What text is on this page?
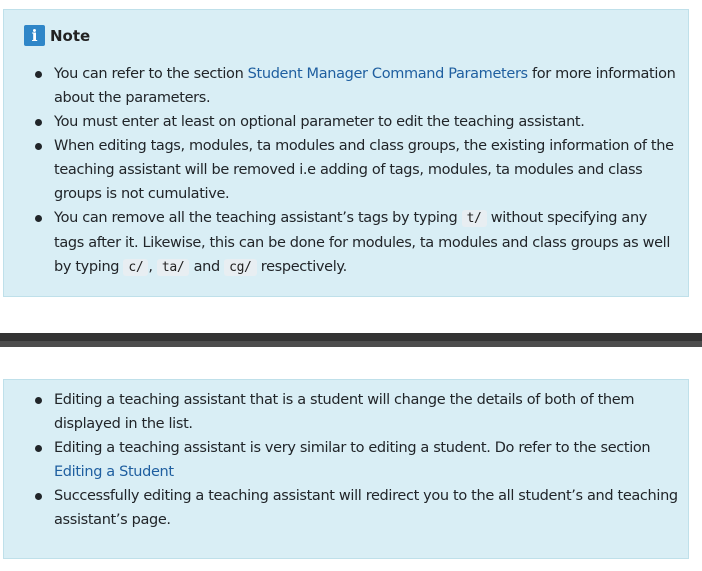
i Note
You can refer to the section Student Manager Command Parameters for more information about the parameters.
You must enter at least on optional parameter to edit the teaching assistant.
When editing tags, modules, ta modules and class groups, the existing information of the teaching assistant will be removed i.e adding of tags, modules, ta modules and class groups is not cumulative.
You can remove all the teaching assistant’s tags by typing t/ without specifying any tags after it. Likewise, this can be done for modules, ta modules and class groups as well by typing c/ , ta/ and cg/ respectively.
Editing a teaching assistant that is a student will change the details of both of them displayed in the list.
Editing a teaching assistant is very similar to editing a student. Do refer to the section Editing a Student
Successfully editing a teaching assistant will redirect you to the all student’s and teaching assistant’s page.
